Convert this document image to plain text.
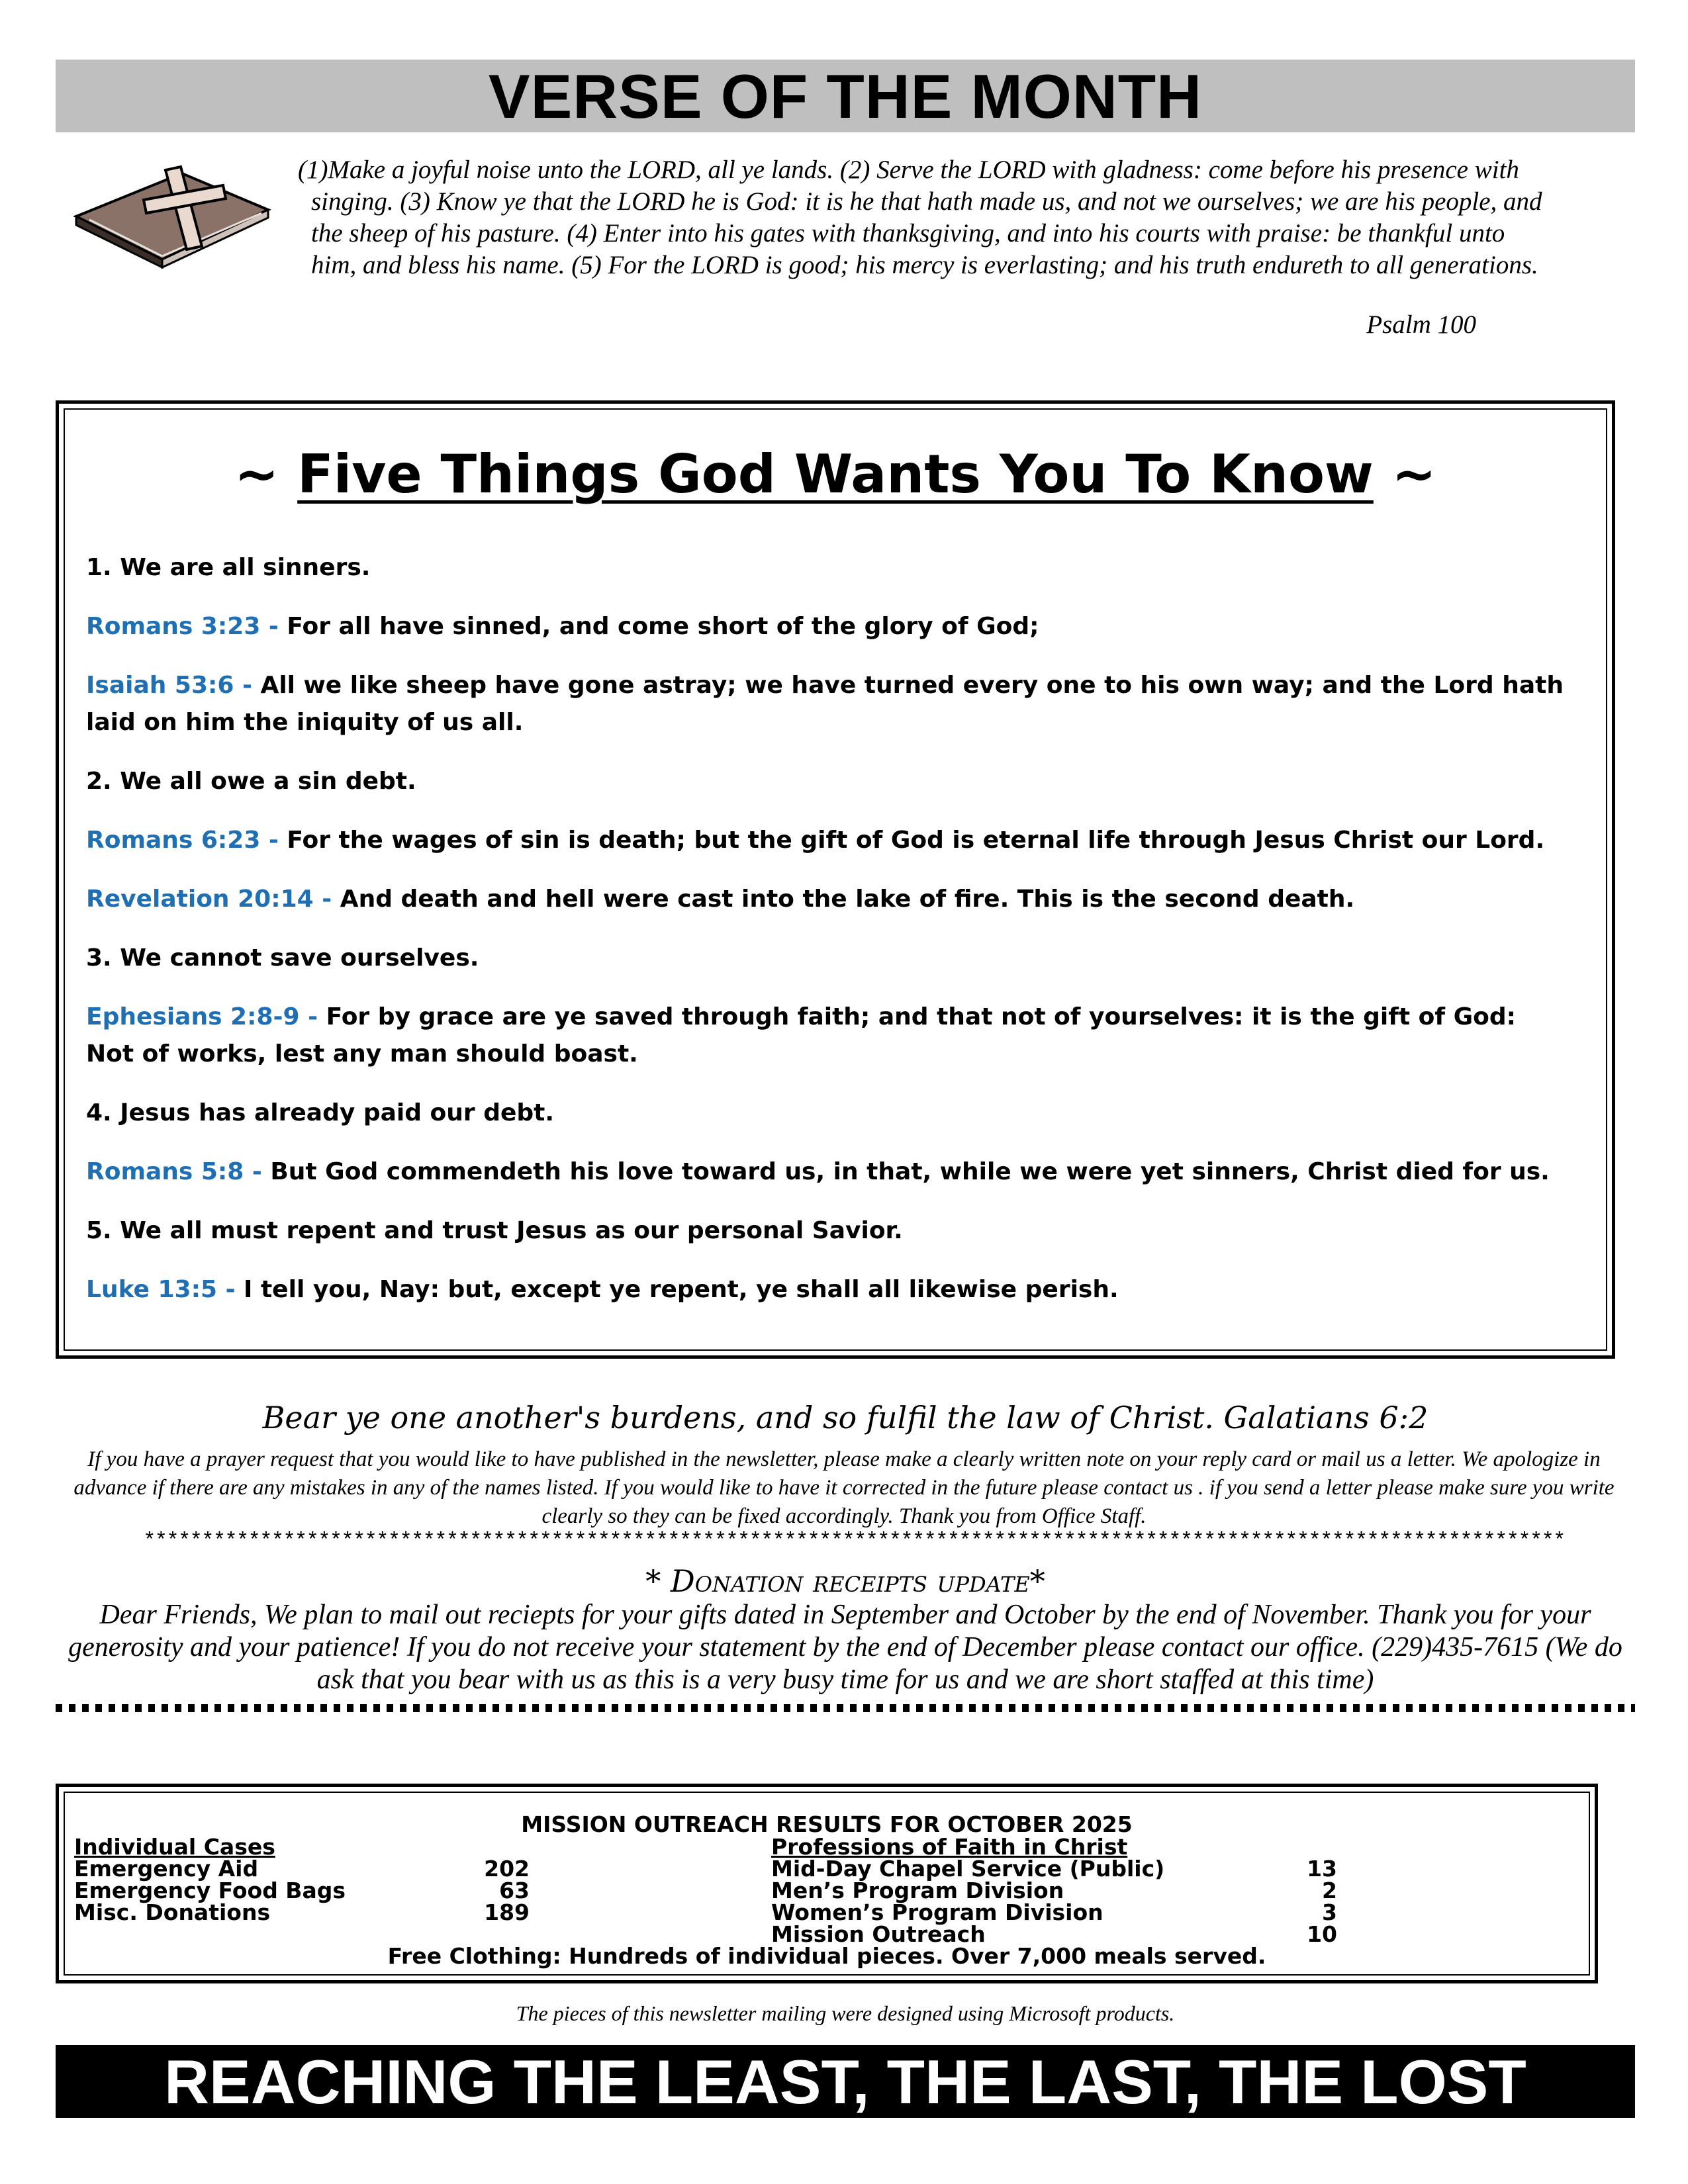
VERSE OF THE MONTH

(1)Make a joyful noise unto the LORD, all ye lands. (2) Serve the LORD with gladness: come before his presence with singing. (3) Know ye that the LORD he is God: it is he that hath made us, and not we ourselves; we are his people, and the sheep of his pasture. (4) Enter into his gates with thanksgiving, and into his courts with praise: be thankful unto him, and bless his name. (5) For the LORD is good; his mercy is everlasting; and his truth endureth to all generations.

Psalm 100
~ Five Things God Wants You To Know ~
1. We are all sinners.
Romans 3:23 - For all have sinned, and come short of the glory of God;
Isaiah 53:6 - All we like sheep have gone astray; we have turned every one to his own way; and the Lord hath laid on him the iniquity of us all.
2. We all owe a sin debt.
Romans 6:23 - For the wages of sin is death; but the gift of God is eternal life through Jesus Christ our Lord.
Revelation 20:14 - And death and hell were cast into the lake of fire. This is the second death.
3. We cannot save ourselves.
Ephesians 2:8-9 - For by grace are ye saved through faith; and that not of yourselves: it is the gift of God: Not of works, lest any man should boast.
4. Jesus has already paid our debt.
Romans 5:8 - But God commendeth his love toward us, in that, while we were yet sinners, Christ died for us.
5. We all must repent and trust Jesus as our personal Savior.
Luke 13:5 - I tell you, Nay: but, except ye repent, ye shall all likewise perish.
Bear ye one another's burdens, and so fulfil the law of Christ. Galatians 6:2
If you have a prayer request that you would like to have published in the newsletter, please make a clearly written note on your reply card or mail us a letter. We apologize in advance if there are any mistakes in any of the names listed. If you would like to have it corrected in the future please contact us . if you send a letter please make sure you write clearly so they can be fixed accordingly. Thank you from Office Staff.
**************************************************************************************************************************
* Donation receipts update*
Dear Friends, We plan to mail out reciepts for your gifts dated in September and October by the end of November. Thank you for your generosity and your patience! If you do not receive your statement by the end of December please contact our office. (229)435-7615 (We do ask that you bear with us as this is a very busy time for us and we are short staffed at this time)
MISSION OUTREACH RESULTS FOR OCTOBER 2025
Individual Cases
Emergency Aid	202
Emergency Food Bags	63
Misc. Donations	189
Professions of Faith in Christ
Mid-Day Chapel Service (Public)	13
Men’s Program Division	2
Women’s Program Division	3
Mission Outreach	10
Free Clothing: Hundreds of individual pieces. Over 7,000 meals served.
The pieces of this newsletter mailing were designed using Microsoft products.
REACHING THE LEAST, THE LAST, THE LOST
